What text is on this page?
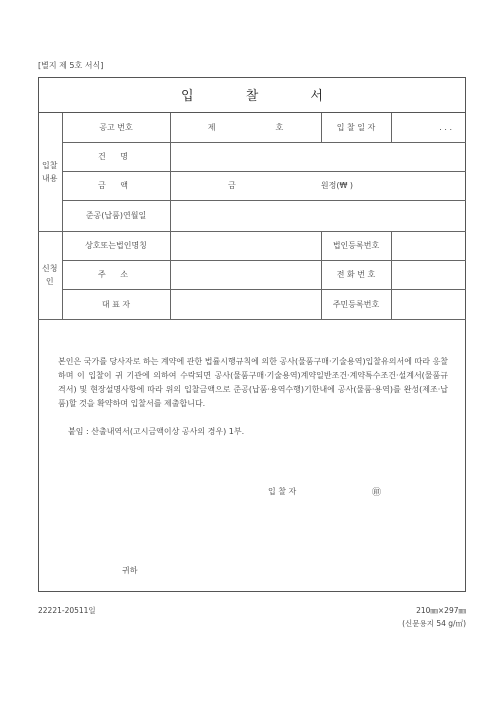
[별지 제 5호 서식]
입 찰 서
입찰
내용	공고 번호	제 호	입 찰 일 자	. . .
	건 명			
	금 액	금 원정(₩ )		
	준공(납품)연월일			
신청
인	상호또는법인명칭		법인등록번호	
	주 소		전 화 번 호	
	대 표 자		주민등록번호	
본인은 국가를 당사자로 하는 계약에 관한 법률시행규칙에 의한 공사(물품구매·기술용역)입찰유의서에 따라 응찰하며 이 입찰이 귀 기관에 의하여 수락되면 공사(물품구매·기술용역)계약일반조건·계약특수조건·설계서(물품규격서) 및 현장설명사항에 따라 위의 입찰금액으로 준공(납품·용역수행)기한내에 공사(물품·용역)를 완성(제조·납품)할 것을 확약하며 입찰서를 제출합니다.
붙임 : 산출내역서(고시금액이상 공사의 경우) 1부.
입 찰 자	㊞
귀하
22221-20511일	210㎜×297㎜
(신문용지 54 g/㎡)
